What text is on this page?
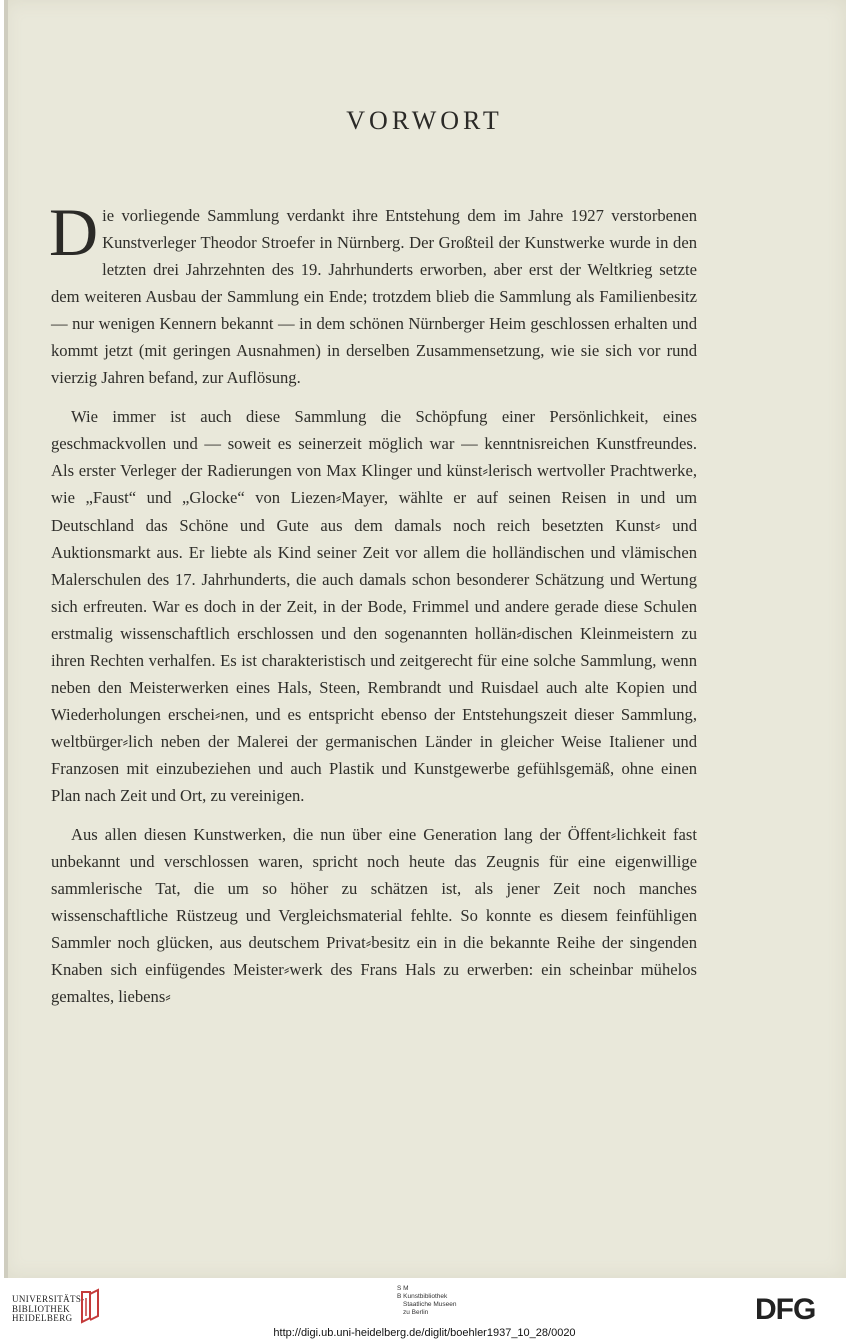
VORWORT

Die vorliegende Sammlung verdankt ihre Entstehung dem im Jahre 1927 verstorbenen Kunstverleger Theodor Stroefer in Nürnberg. Der Großteil der Kunstwerke wurde in den letzten drei Jahrzehnten des 19. Jahrhunderts erworben, aber erst der Weltkrieg setzte dem weiteren Ausbau der Sammlung ein Ende; trotzdem blieb die Sammlung als Familienbesitz — nur wenigen Kennern bekannt — in dem schönen Nürnberger Heim geschlossen erhalten und kommt jetzt (mit geringen Ausnahmen) in derselben Zusammensetzung, wie sie sich vor rund vierzig Jahren befand, zur Auflösung.

Wie immer ist auch diese Sammlung die Schöpfung einer Persönlichkeit, eines geschmackvollen und — soweit es seinerzeit möglich war — kenntnisreichen Kunstfreundes. Als erster Verleger der Radierungen von Max Klinger und künst⸗lerisch wertvoller Prachtwerke, wie „Faust“ und „Glocke“ von Liezen⸗Mayer, wählte er auf seinen Reisen in und um Deutschland das Schöne und Gute aus dem damals noch reich besetzten Kunst⸗ und Auktionsmarkt aus. Er liebte als Kind seiner Zeit vor allem die holländischen und vlämischen Malerschulen des 17. Jahrhunderts, die auch damals schon besonderer Schätzung und Wertung sich erfreuten. War es doch in der Zeit, in der Bode, Frimmel und andere gerade diese Schulen erstmalig wissenschaftlich erschlossen und den sogenannten hollän⸗dischen Kleinmeistern zu ihren Rechten verhalfen. Es ist charakteristisch und zeitgerecht für eine solche Sammlung, wenn neben den Meisterwerken eines Hals, Steen, Rembrandt und Ruisdael auch alte Kopien und Wiederholungen erschei⸗nen, und es entspricht ebenso der Entstehungszeit dieser Sammlung, weltbürger⸗lich neben der Malerei der germanischen Länder in gleicher Weise Italiener und Franzosen mit einzubeziehen und auch Plastik und Kunstgewerbe gefühlsgemäß, ohne einen Plan nach Zeit und Ort, zu vereinigen.

Aus allen diesen Kunstwerken, die nun über eine Generation lang der Öffent⸗lichkeit fast unbekannt und verschlossen waren, spricht noch heute das Zeugnis für eine eigenwillige sammlerische Tat, die um so höher zu schätzen ist, als jener Zeit noch manches wissenschaftliche Rüstzeug und Vergleichsmaterial fehlte. So konnte es diesem feinfühligen Sammler noch glücken, aus deutschem Privat⸗besitz ein in die bekannte Reihe der singenden Knaben sich einfügendes Meister⸗werk des Frans Hals zu erwerben: ein scheinbar mühelos gemaltes, liebens⸗

UNIVERSITÄTS-
BIBLIOTHEK
HEIDELBERG
S M
B Kunstbibliothek
Staatliche Museen
zu Berlin	DFG
http://digi.ub.uni-heidelberg.de/diglit/boehler1937_10_28/0020
